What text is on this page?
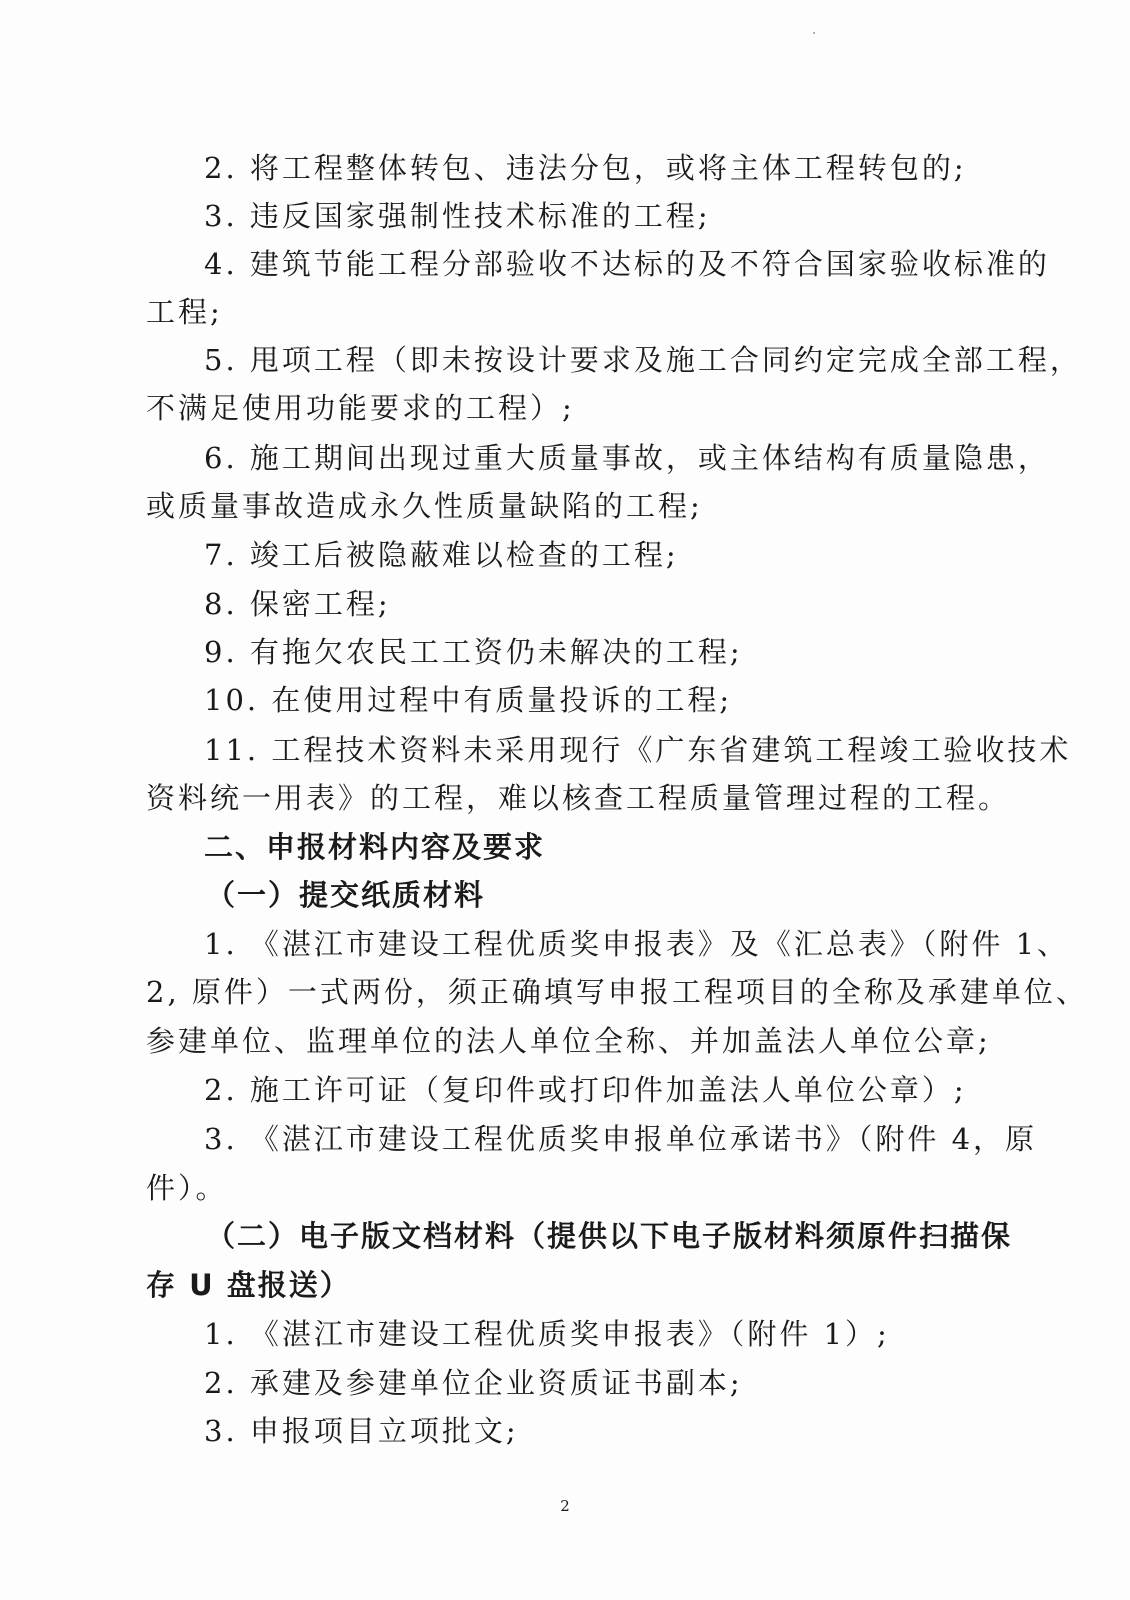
2. 将工程整体转包、违法分包，或将主体工程转包的;
3. 违反国家强制性技术标准的工程;
4. 建筑节能工程分部验收不达标的及不符合国家验收标准的
工程;
5. 甩项工程（即未按设计要求及施工合同约定完成全部工程，
不满足使用功能要求的工程）;
6. 施工期间出现过重大质量事故，或主体结构有质量隐患，
或质量事故造成永久性质量缺陷的工程;
7. 竣工后被隐蔽难以检查的工程;
8. 保密工程;
9. 有拖欠农民工工资仍未解决的工程;
10. 在使用过程中有质量投诉的工程;
11. 工程技术资料未采用现行《广东省建筑工程竣工验收技术
资料统一用表》的工程，难以核查工程质量管理过程的工程。
二、申报材料内容及要求
（一）提交纸质材料
1. 《湛江市建设工程优质奖申报表》及《汇总表》（附件 1、
2, 原件）一式两份，须正确填写申报工程项目的全称及承建单位、
参建单位、监理单位的法人单位全称、并加盖法人单位公章;
2. 施工许可证（复印件或打印件加盖法人单位公章）;
3. 《湛江市建设工程优质奖申报单位承诺书》（附件 4，原
件）。
（二）电子版文档材料（提供以下电子版材料须原件扫描保
存 U 盘报送）
1. 《湛江市建设工程优质奖申报表》（附件 1）;
2. 承建及参建单位企业资质证书副本;
3. 申报项目立项批文;
2
